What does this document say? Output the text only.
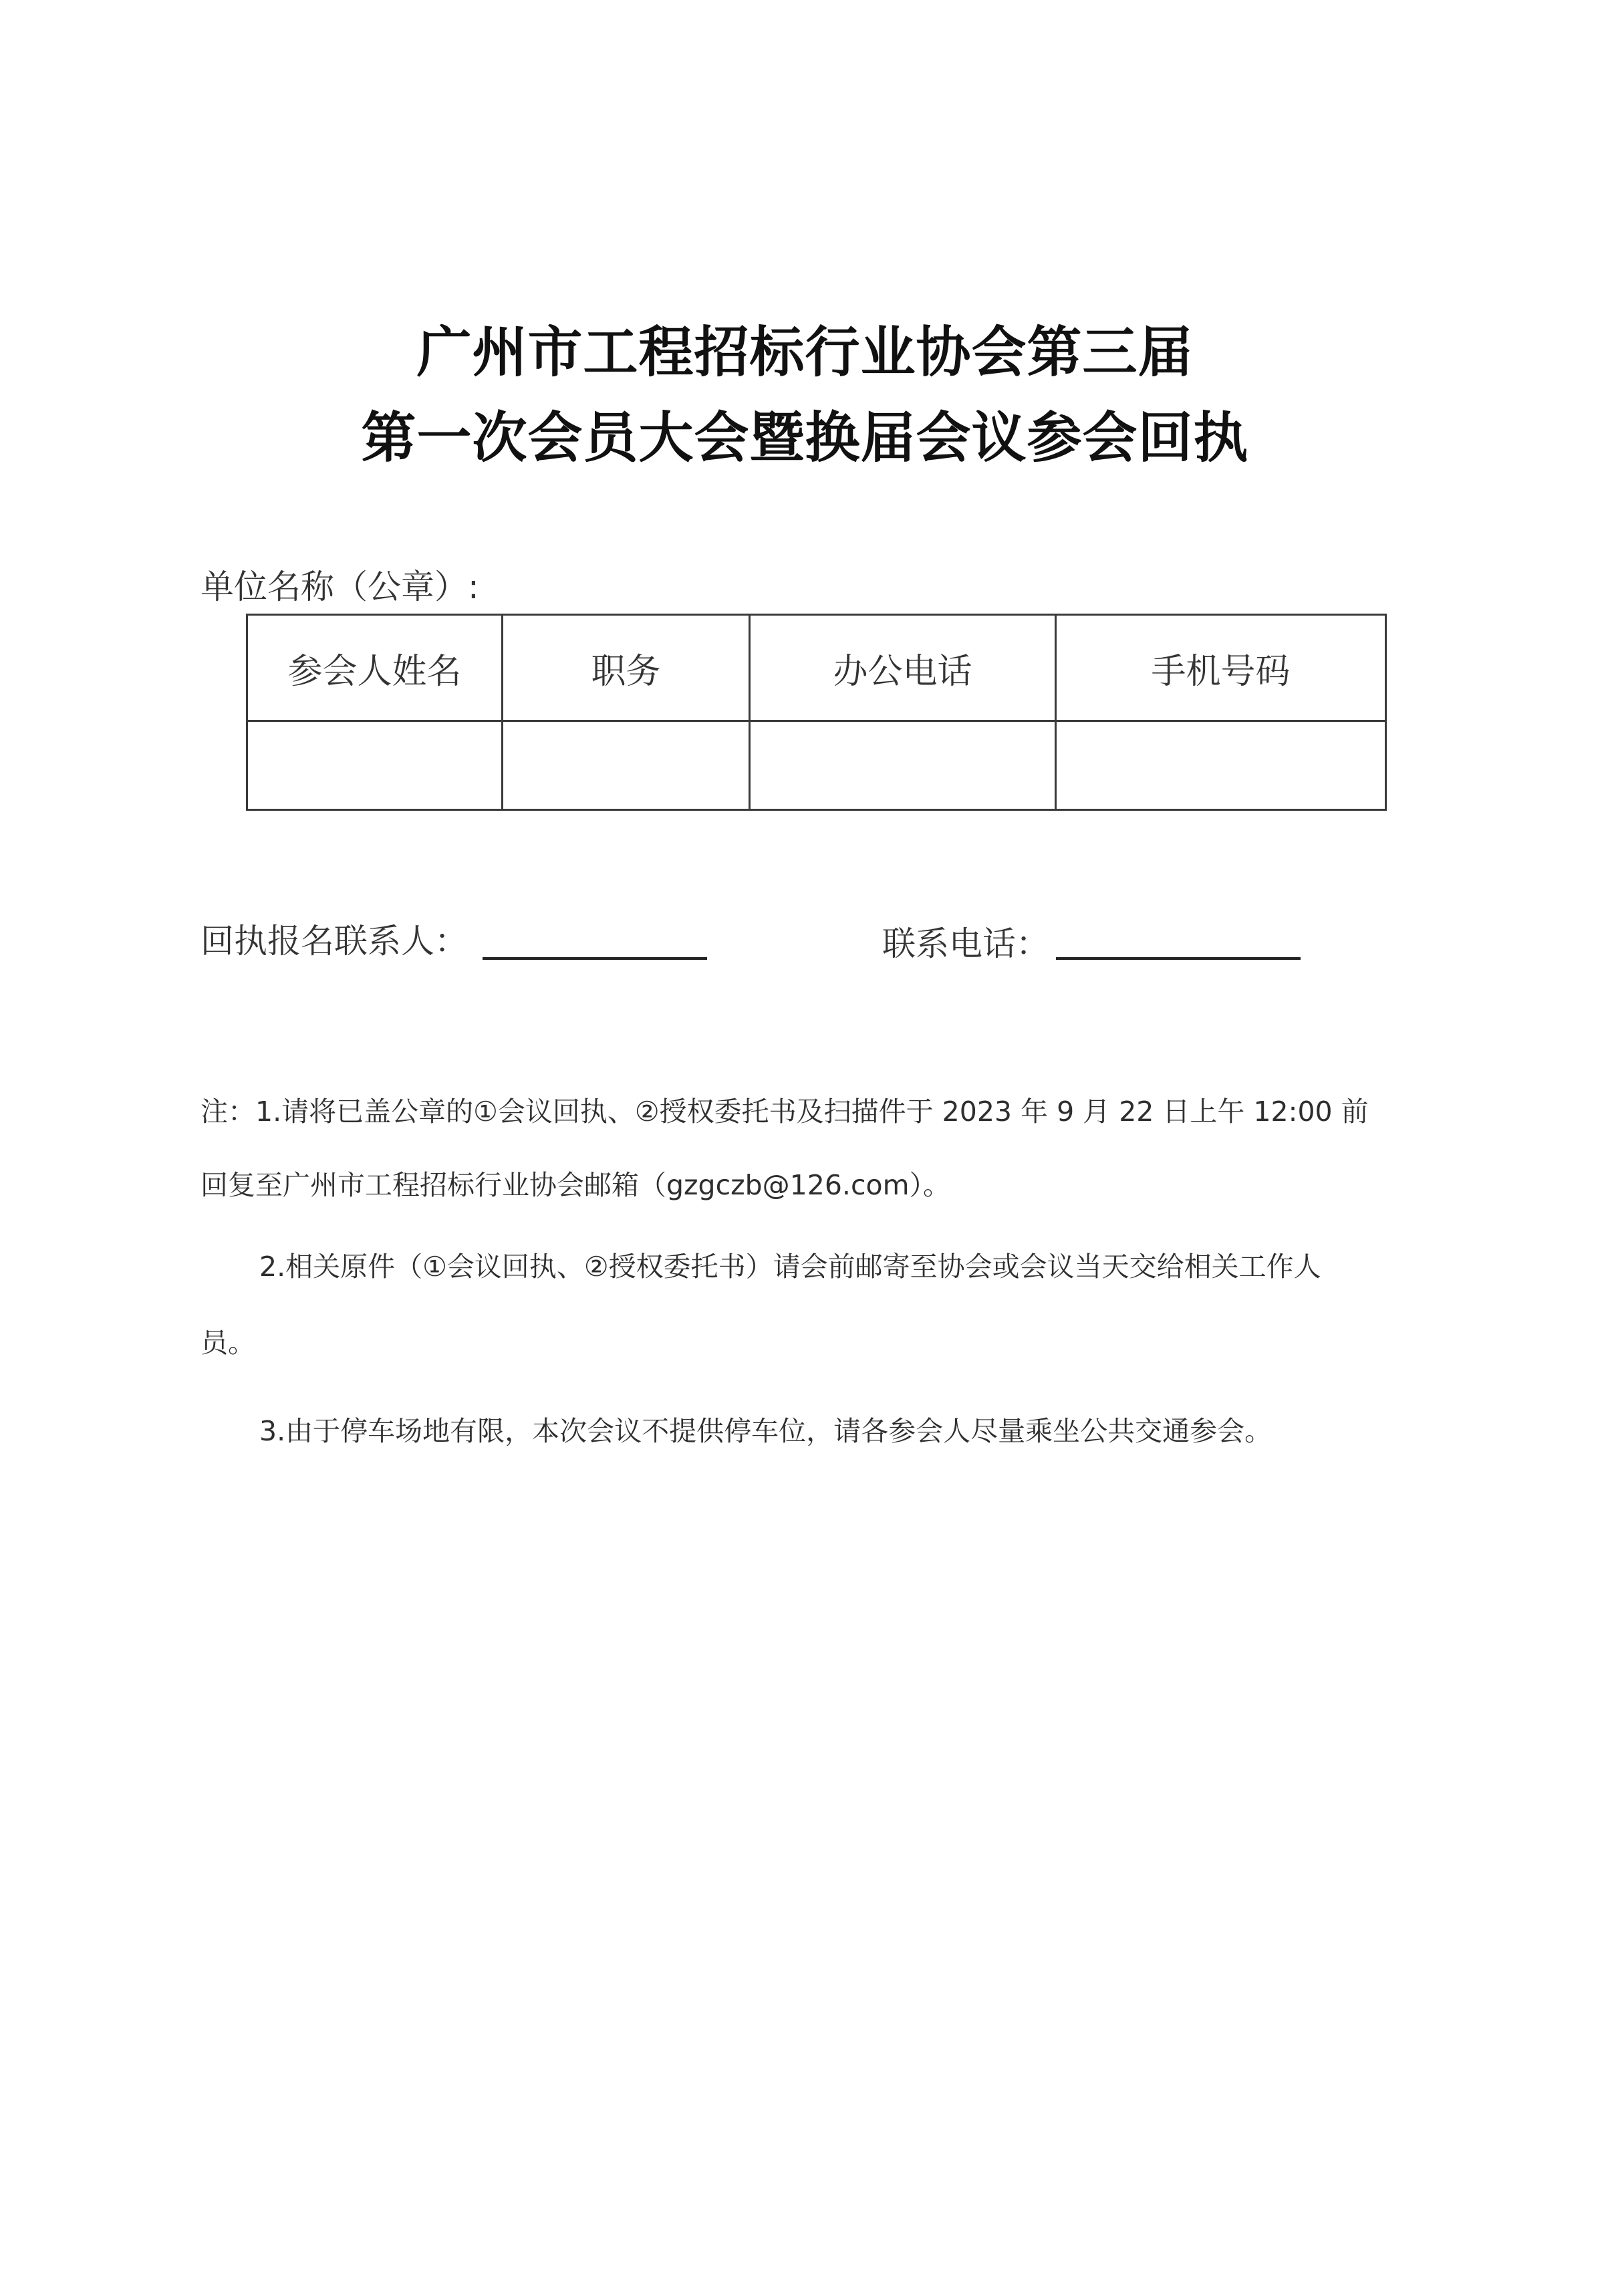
广州市工程招标行业协会第三届
第一次会员大会暨换届会议参会回执
单位名称（公章）:
参会人姓名	职务	办公电话	手机号码

回执报名联系人：	联系电话：
注：1.请将已盖公章的①会议回执、②授权委托书及扫描件于 2023 年 9 月 22 日上午 12:00 前
回复至广州市工程招标行业协会邮箱（gzgczb@126.com）。
2.相关原件（①会议回执、②授权委托书）请会前邮寄至协会或会议当天交给相关工作人
员。
3.由于停车场地有限，本次会议不提供停车位，请各参会人尽量乘坐公共交通参会。
